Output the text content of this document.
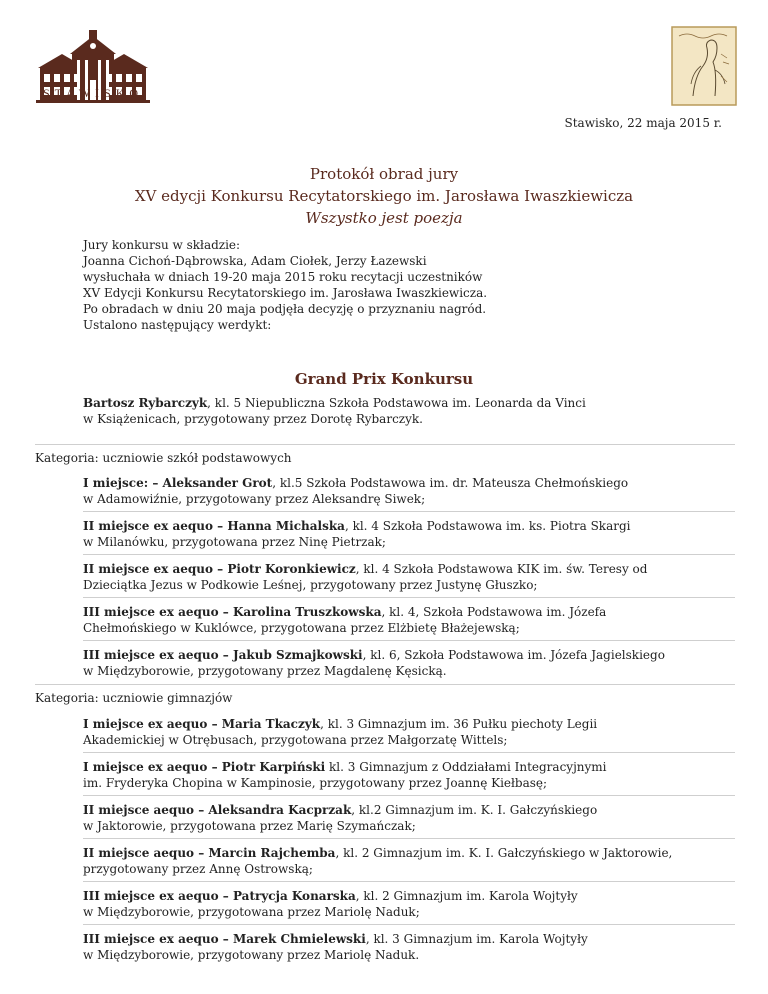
STAWISKO
Stawisko, 22 maja 2015 r.
Protokół obrad jury
XV edycji Konkursu Recytatorskiego im. Jarosława Iwaszkiewicza
Wszystko jest poezja
Jury konkursu w składzie:
Joanna Cichoń-Dąbrowska, Adam Ciołek, Jerzy Łazewski
wysłuchała w dniach 19-20 maja 2015 roku recytacji uczestników
XV Edycji Konkursu Recytatorskiego im. Jarosława Iwaszkiewicza.
Po obradach w dniu 20 maja podjęła decyzję o przyznaniu nagród.
Ustalono następujący werdykt:
Grand Prix Konkursu
Bartosz Rybarczyk, kl. 5 Niepubliczna Szkoła Podstawowa im. Leonarda da Vinci
w Książenicach, przygotowany przez Dorotę Rybarczyk.
Kategoria: uczniowie szkół podstawowych
I miejsce: – Aleksander Grot, kl.5 Szkoła Podstawowa im. dr. Mateusza Chełmońskiego
w Adamowiźnie, przygotowany przez Aleksandrę Siwek;
II miejsce ex aequo – Hanna Michalska, kl. 4 Szkoła Podstawowa im. ks. Piotra Skargi
w Milanówku, przygotowana przez Ninę Pietrzak;
II miejsce ex aequo – Piotr Koronkiewicz, kl. 4 Szkoła Podstawowa KIK im. św. Teresy od
Dzieciątka Jezus w Podkowie Leśnej, przygotowany przez Justynę Głuszko;
III miejsce ex aequo – Karolina Truszkowska, kl. 4, Szkoła Podstawowa im. Józefa
Chełmońskiego w Kuklówce, przygotowana przez Elżbietę Błażejewską;
III miejsce ex aequo – Jakub Szmajkowski, kl. 6, Szkoła Podstawowa im. Józefa Jagielskiego
w Międzyborowie, przygotowany przez Magdalenę Kęsicką.
Kategoria: uczniowie gimnazjów
I miejsce ex aequo – Maria Tkaczyk, kl. 3 Gimnazjum im. 36 Pułku piechoty Legii
Akademickiej w Otrębusach, przygotowana przez Małgorzatę Wittels;
I miejsce ex aequo – Piotr Karpiński kl. 3 Gimnazjum z Oddziałami Integracyjnymi
im. Fryderyka Chopina w Kampinosie, przygotowany przez Joannę Kiełbasę;
II miejsce aequo – Aleksandra Kacprzak, kl.2 Gimnazjum im. K. I. Gałczyńskiego
w Jaktorowie, przygotowana przez Marię Szymańczak;
II miejsce aequo – Marcin Rajchemba, kl. 2 Gimnazjum im. K. I. Gałczyńskiego w Jaktorowie,
przygotowany przez Annę Ostrowską;
III miejsce ex aequo – Patrycja Konarska, kl. 2 Gimnazjum im. Karola Wojtyły
w Międzyborowie, przygotowana przez Mariolę Naduk;
III miejsce ex aequo – Marek Chmielewski, kl. 3 Gimnazjum im. Karola Wojtyły
w Międzyborowie, przygotowany przez Mariolę Naduk.
